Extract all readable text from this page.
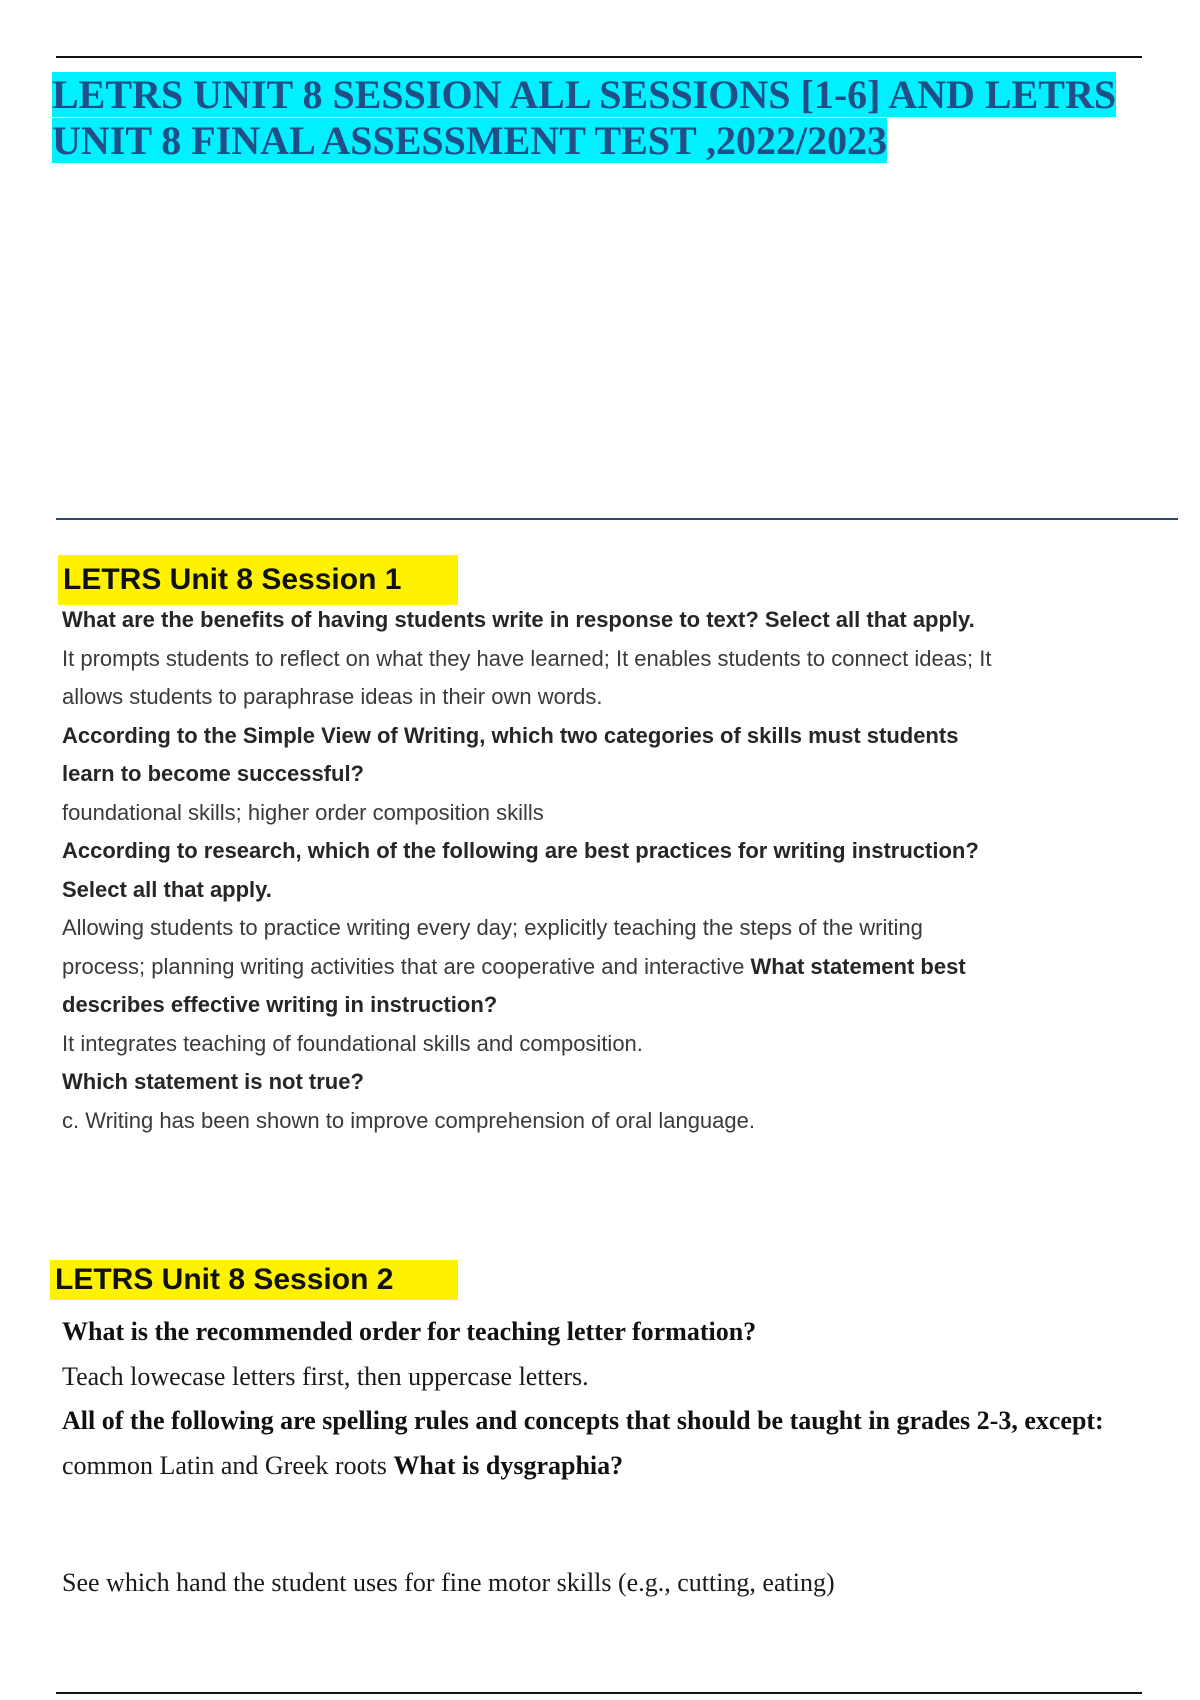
LETRS UNIT 8 SESSION ALL SESSIONS [1-6] AND LETRS
UNIT 8 FINAL ASSESSMENT TEST ,2022/2023
LETRS Unit 8 Session 1

What are the benefits of having students write in response to text? Select all that apply.

It prompts students to reflect on what they have learned; It enables students to connect ideas; It allows students to paraphrase ideas in their own words.

According to the Simple View of Writing, which two categories of skills must students learn to become successful?

foundational skills; higher order composition skills

According to research, which of the following are best practices for writing instruction? Select all that apply.

Allowing students to practice writing every day; explicitly teaching the steps of the writing process; planning writing activities that are cooperative and interactive What statement best describes effective writing in instruction?

It integrates teaching of foundational skills and composition.

Which statement is not true?

c. Writing has been shown to improve comprehension of oral language.

LETRS Unit 8 Session 2

What is the recommended order for teaching letter formation?

Teach lowecase letters first, then uppercase letters.

All of the following are spelling rules and concepts that should be taught in grades 2-3, except:

common Latin and Greek roots What is dysgraphia?

See which hand the student uses for fine motor skills (e.g., cutting, eating)
